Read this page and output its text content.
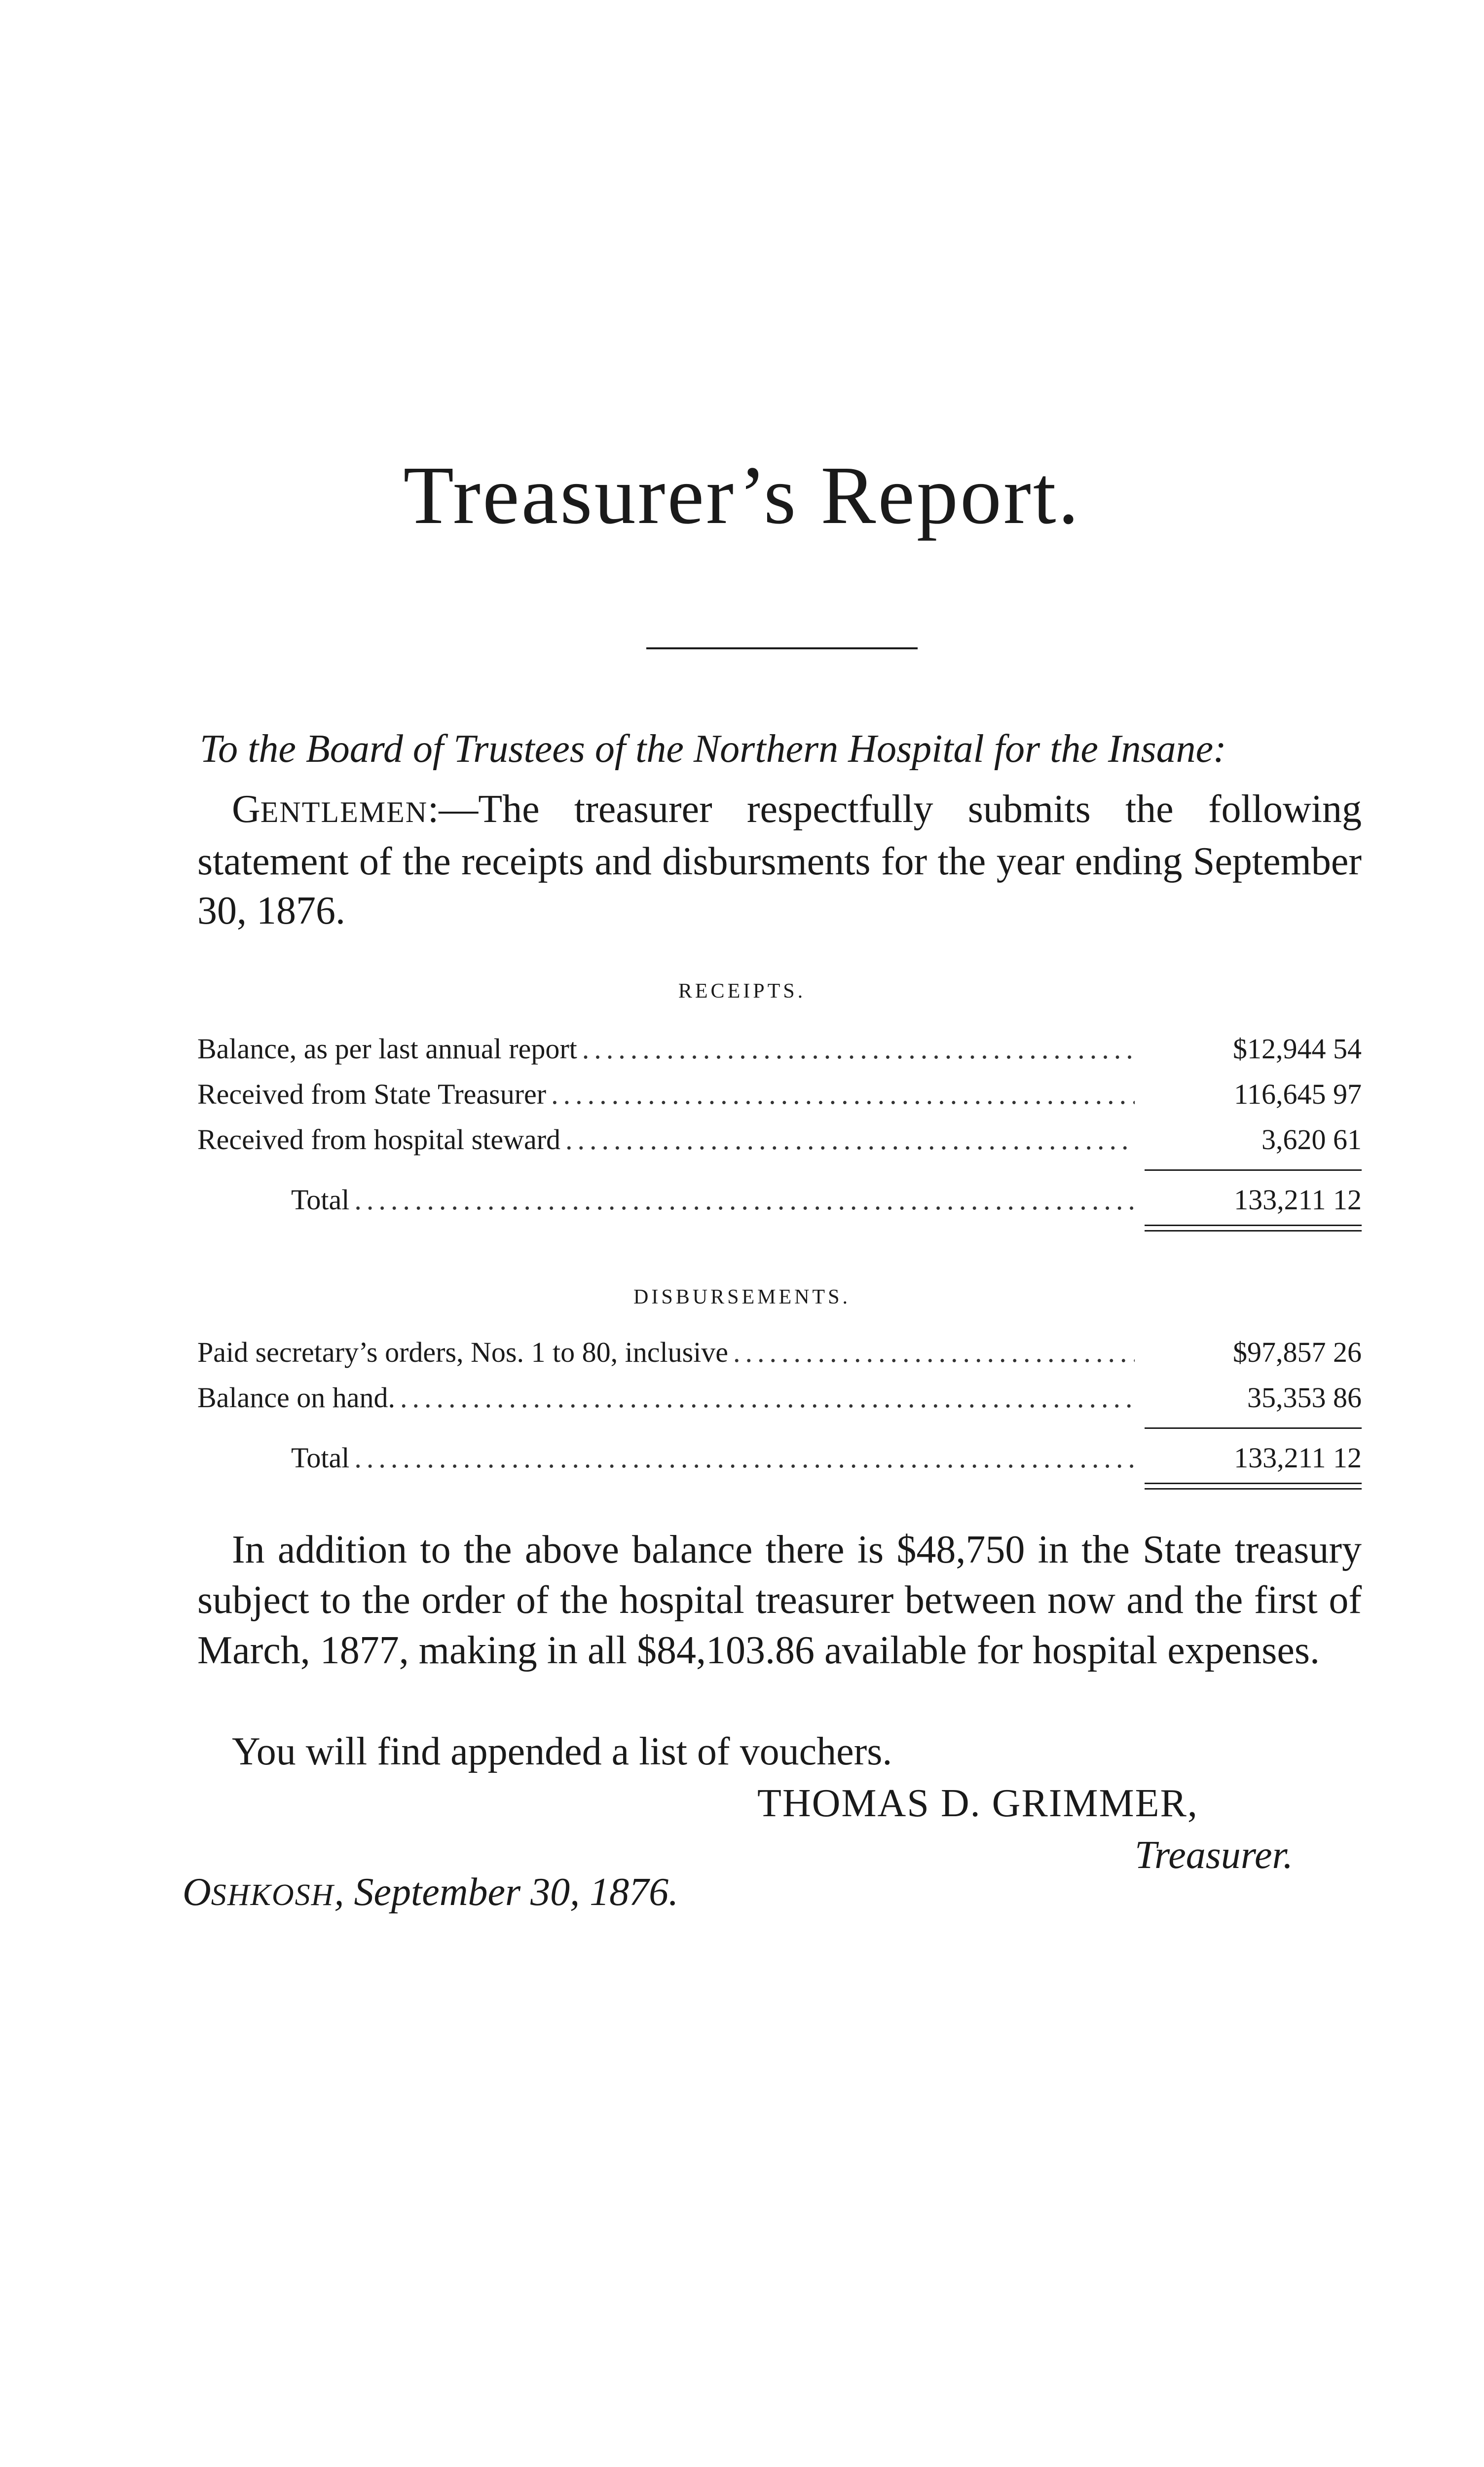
Treasurer’s Report.
To the Board of Trustees of the Northern Hospital for the Insane:
GENTLEMEN:—The treasurer respectfully submits the following statement of the receipts and disbursments for the year ending September 30, 1876.
RECEIPTS.
Balance, as per last annual report .....	$12,944 54
Received from State Treasurer .....	116,645 97
Received from hospital steward .....	3,620 61
Total .....	133,211 12
DISBURSEMENTS.
Paid secretary’s orders, Nos. 1 to 80, inclusive .....	$97,857 26
Balance on hand. .....	35,353 86
Total .....	133,211 12
In addition to the above balance there is $48,750 in the State treasury subject to the order of the hospital treasurer between now and the first of March, 1877, making in all $84,103.86 available for hospital expenses.
You will find appended a list of vouchers.
THOMAS D. GRIMMER,
Treasurer.
OSHKOSH, September 30, 1876.
